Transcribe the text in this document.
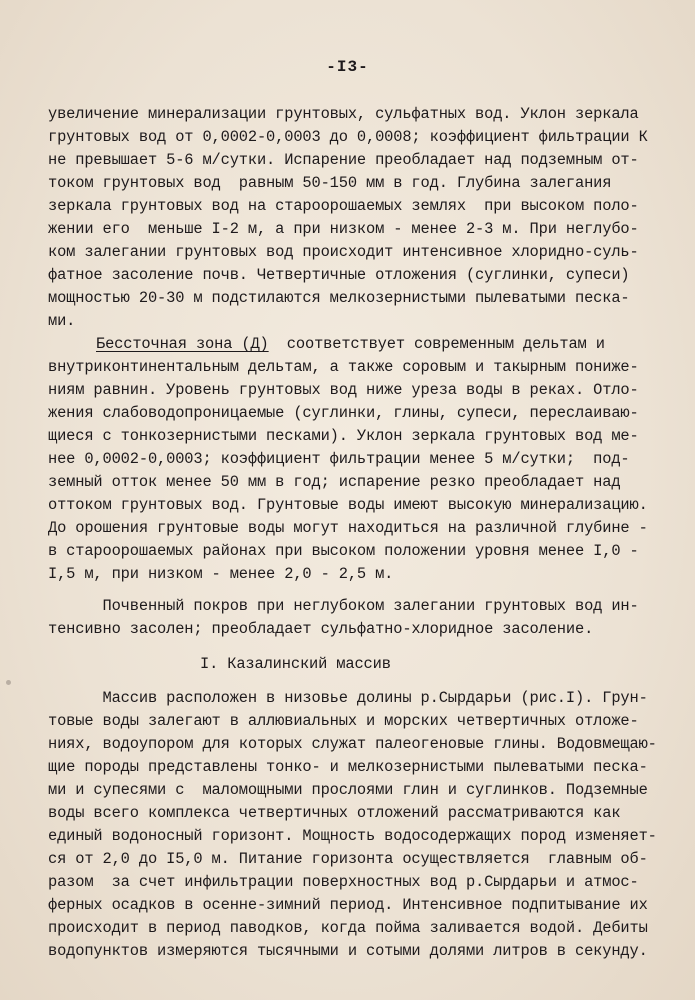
-I3-
увеличение минерализации грунтовых, сульфатных вод. Уклон зеркала
грунтовых вод от 0,0002-0,0003 до 0,0008; коэффициент фильтрации К
не превышает 5-6 м/сутки. Испарение преобладает над подземным от-
током грунтовых вод  равным 50-150 мм в год. Глубина залегания
зеркала грунтовых вод на староорошаемых землях  при высоком поло-
жении его  меньше I-2 м, а при низком - менее 2-3 м. При неглубо-
ком залегании грунтовых вод происходит интенсивное хлоридно-суль-
фатное засоление почв. Четвертичные отложения (суглинки, супеси)
мощностью 20-30 м подстилаются мелкозернистыми пылеватыми песка-
ми.
Бессточная зона (Д)  соответствует современным дельтам и
внутриконтинентальным дельтам, а также соровым и такырным пониже-
ниям равнин. Уровень грунтовых вод ниже уреза воды в реках. Отло-
жения слабоводопроницаемые (суглинки, глины, супеси, переслаиваю-
щиеся с тонкозернистыми песками). Уклон зеркала грунтовых вод ме-
нее 0,0002-0,0003; коэффициент фильтрации менее 5 м/сутки;  под-
земный отток менее 50 мм в год; испарение резко преобладает над
оттоком грунтовых вод. Грунтовые воды имеют высокую минерализацию.
До орошения грунтовые воды могут находиться на различной глубине -
в староорошаемых районах при высоком положении уровня менее I,0 -
I,5 м, при низком - менее 2,0 - 2,5 м.
Почвенный покров при неглубоком залегании грунтовых вод ин-
тенсивно засолен; преобладает сульфатно-хлоридное засоление.
I. Казалинский массив
Массив расположен в низовье долины р.Сырдарьи (рис.I). Грун-
товые воды залегают в аллювиальных и морских четвертичных отложе-
ниях, водоупором для которых служат палеогеновые глины. Водовмещаю-
щие породы представлены тонко- и мелкозернистыми пылеватыми песка-
ми и супесями с  маломощными прослоями глин и суглинков. Подземные
воды всего комплекса четвертичных отложений рассматриваются как
единый водоносный горизонт. Мощность водосодержащих пород изменяет-
ся от 2,0 до I5,0 м. Питание горизонта осуществляется  главным об-
разом  за счет инфильтрации поверхностных вод р.Сырдарьи и атмос-
ферных осадков в осенне-зимний период. Интенсивное подпитывание их
происходит в период паводков, когда пойма заливается водой. Дебиты
водопунктов измеряются тысячными и сотыми долями литров в секунду.
